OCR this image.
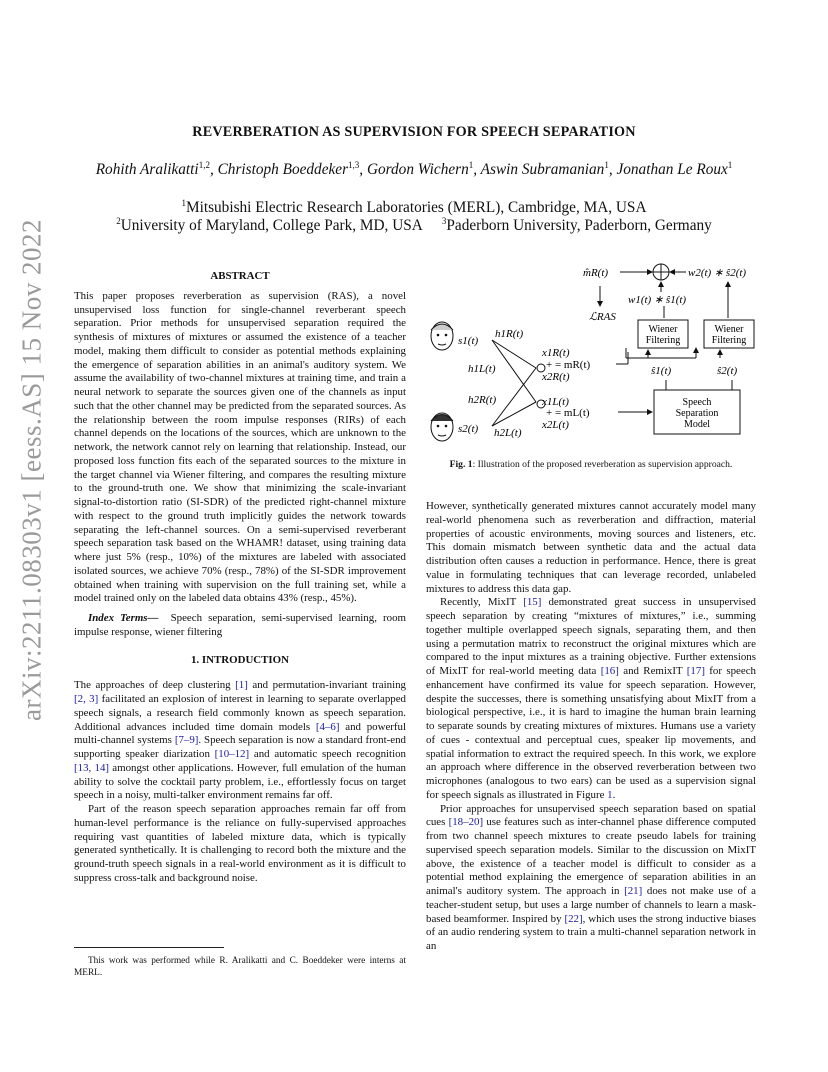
arXiv:2211.08303v1 [eess.AS] 15 Nov 2022
REVERBERATION AS SUPERVISION FOR SPEECH SEPARATION
Rohith Aralikatti$^{1,2}$, Christoph Boeddeker$^{1,3}$, Gordon Wichern$^1$, Aswin Subramanian$^1$, Jonathan Le Roux$^1$
$^1$Mitsubishi Electric Research Laboratories (MERL), Cambridge, MA, USA
$^2$University of Maryland, College Park, MD, USA $^3$Paderborn University, Paderborn, Germany
ABSTRACT

This paper proposes reverberation as supervision (RAS), a novel unsupervised loss function for single-channel reverberant speech separation. Prior methods for unsupervised separation required the synthesis of mixtures of mixtures or assumed the existence of a teacher model, making them difficult to consider as potential methods explaining the emergence of separation abilities in an animal's auditory system. We assume the availability of two-channel mixtures at training time, and train a neural network to separate the sources given one of the channels as input such that the other channel may be predicted from the separated sources. As the relationship between the room impulse responses (RIRs) of each channel depends on the locations of the sources, which are unknown to the network, the network cannot rely on learning that relationship. Instead, our proposed loss function fits each of the separated sources to the mixture in the target channel via Wiener filtering, and compares the resulting mixture to the ground-truth one. We show that minimizing the scale-invariant signal-to-distortion ratio (SI-SDR) of the predicted right-channel mixture with respect to the ground truth implicitly guides the network towards separating the left-channel sources. On a semi-supervised reverberant speech separation task based on the WHAMR! dataset, using training data where just 5% (resp., 10%) of the mixtures are labeled with associated isolated sources, we achieve 70% (resp., 78%) of the SI-SDR improvement obtained when training with supervision on the full training set, while a model trained only on the labeled data obtains 43% (resp., 45%).

Index Terms— Speech separation, semi-supervised learning, room impulse response, wiener filtering

1. INTRODUCTION

The approaches of deep clustering [1] and permutation-invariant training [2, 3] facilitated an explosion of interest in learning to separate overlapped speech signals, a research field commonly known as speech separation. Additional advances included time domain models [4–6] and powerful multi-channel systems [7–9]. Speech separation is now a standard front-end supporting speaker diarization [10–12] and automatic speech recognition [13, 14] amongst other applications. However, full emulation of the human ability to solve the cocktail party problem, i.e., effortlessly focus on target speech in a noisy, multi-talker environment remains far off.

Part of the reason speech separation approaches remain far off from human-level performance is the reliance on fully-supervised approaches requiring vast quantities of labeled mixture data, which is typically generated synthetically. It is challenging to record both the mixture and the ground-truth speech signals in a real-world environment as it is difficult to suppress cross-talk and background noise.

This work was performed while R. Aralikatti and C. Boeddeker were interns at MERL.
m̂R(t)	w2(t) ∗ ŝ2(t)
w1(t) ∗ ŝ1(t)
ℒRAS
Wiener
Filtering
Wiener
Filtering
ŝ1(t)	ŝ2(t)
s1(t)
s2(t)
h1R(t)
h1L(t)
h2R(t)
h2L(t)
x1R(t)
+ = mR(t)
x2R(t)
x1L(t)
+ = mL(t)
x2L(t)
Speech
Separation
Model
Fig. 1: Illustration of the proposed reverberation as supervision approach.

However, synthetically generated mixtures cannot accurately model many real-world phenomena such as reverberation and diffraction, material properties of acoustic environments, moving sources and listeners, etc. This domain mismatch between synthetic data and the actual data distribution often causes a reduction in performance. Hence, there is great value in formulating techniques that can leverage recorded, unlabeled mixtures to address this data gap.

Recently, MixIT [15] demonstrated great success in unsupervised speech separation by creating “mixtures of mixtures,” i.e., summing together multiple overlapped speech signals, separating them, and then using a permutation matrix to reconstruct the original mixtures which are compared to the input mixtures as a training objective. Further extensions of MixIT for real-world meeting data [16] and RemixIT [17] for speech enhancement have confirmed its value for speech separation. However, despite the successes, there is something unsatisfying about MixIT from a biological perspective, i.e., it is hard to imagine the human brain learning to separate sounds by creating mixtures of mixtures. Humans use a variety of cues - contextual and perceptual cues, speaker lip movements, and spatial information to extract the required speech. In this work, we explore an approach where difference in the observed reverberation between two microphones (analogous to two ears) can be used as a supervision signal for speech signals as illustrated in Figure 1.

Prior approaches for unsupervised speech separation based on spatial cues [18–20] use features such as inter-channel phase difference computed from two channel speech mixtures to create pseudo labels for training supervised speech separation models. Similar to the discussion on MixIT above, the existence of a teacher model is difficult to consider as a potential method explaining the emergence of separation abilities in an animal's auditory system. The approach in [21] does not make use of a teacher-student setup, but uses a large number of channels to learn a mask-based beamformer. Inspired by [22], which uses the strong inductive biases of an audio rendering system to train a multi-channel separation network in an
